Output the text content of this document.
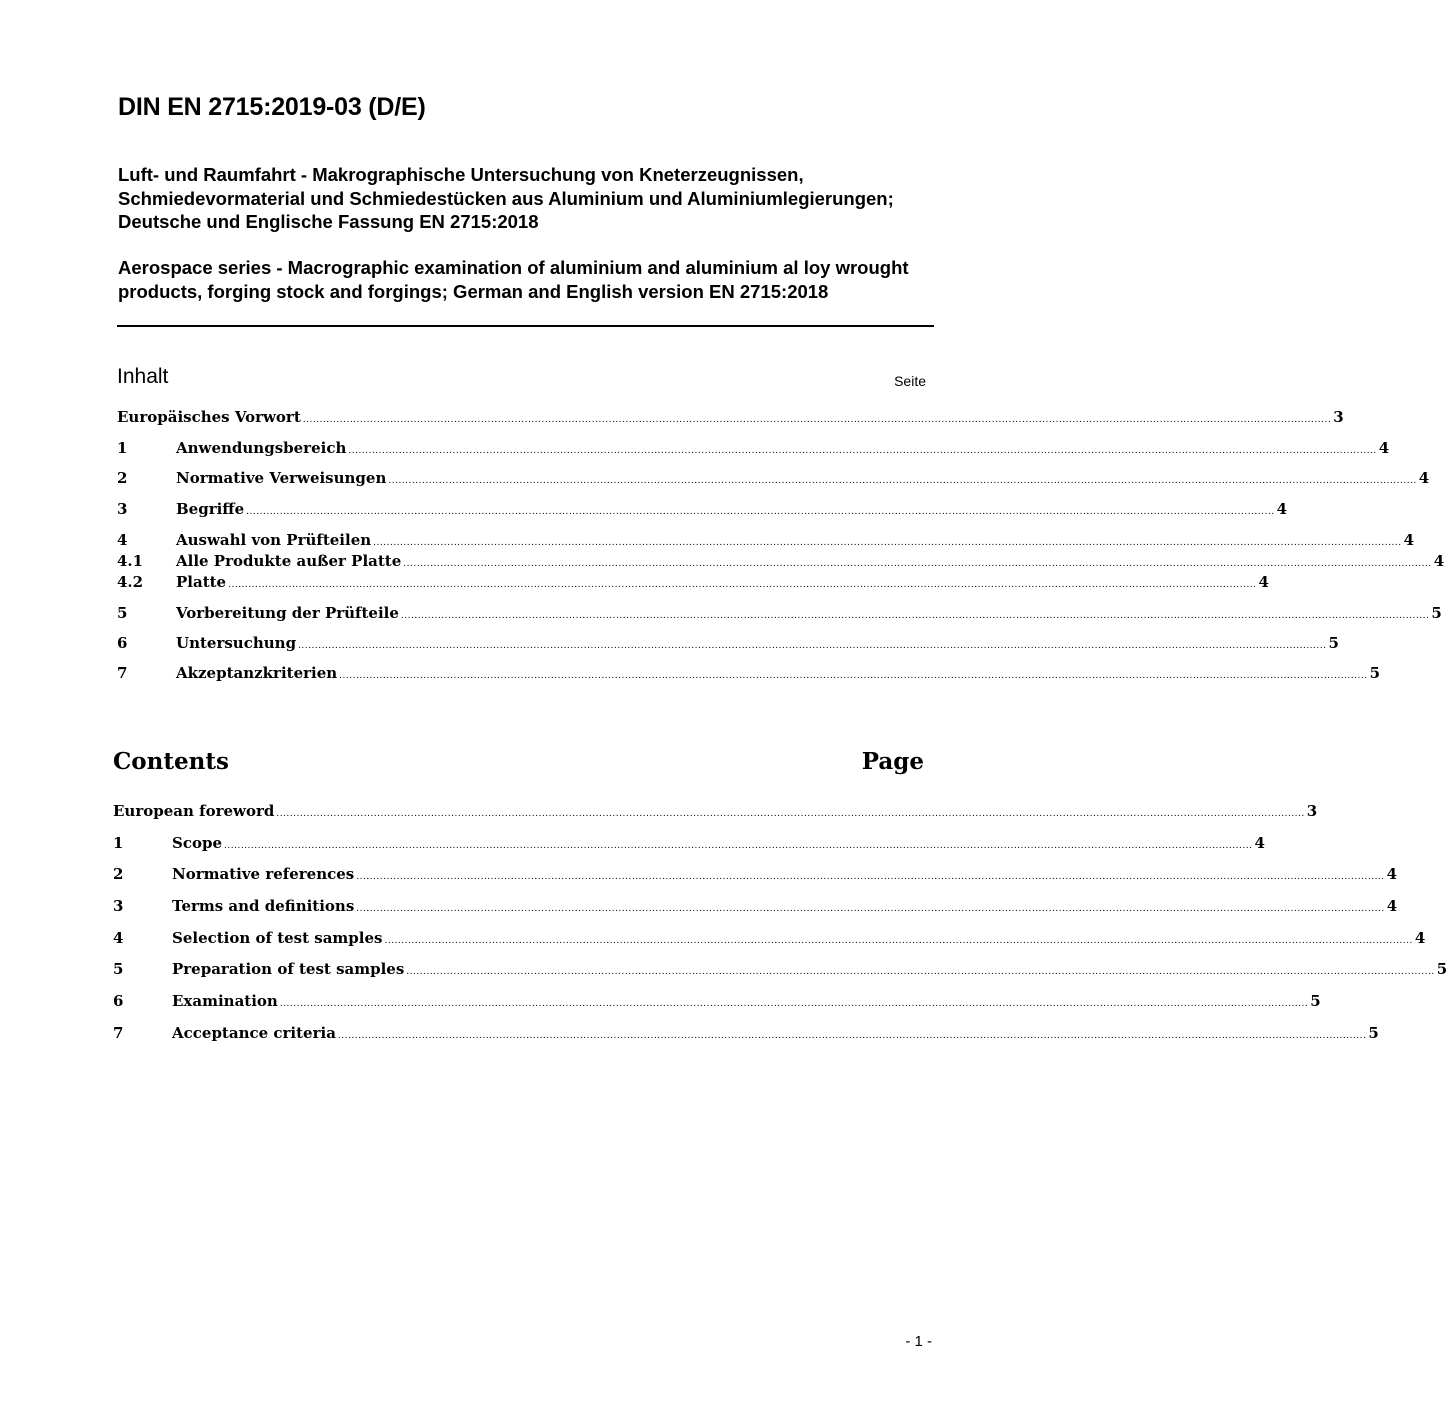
DIN EN 2715:2019-03 (D/E)
Luft- und Raumfahrt - Makrographische Untersuchung von Kneterzeugnissen, Schmiedevormaterial und Schmiedestücken aus Aluminium und Aluminiumlegierungen; Deutsche und Englische Fassung EN 2715:2018
Aerospace series - Macrographic examination of aluminium and aluminium al loy wrought products, forging stock and forgings; German and English version EN 2715:2018
Inhalt	Seite
Europäisches Vorwort .................................................................................................................................................................................................................................................................................................................. 3
1	Anwendungsbereich .................................................................................................................................................................................................................................................................................................................. 4
2	Normative Verweisungen .................................................................................................................................................................................................................................................................................................................. 4
3	Begriffe .................................................................................................................................................................................................................................................................................................................. 4
4	Auswahl von Prüfteilen .................................................................................................................................................................................................................................................................................................................. 4
4.1	Alle Produkte außer Platte .................................................................................................................................................................................................................................................................................................................. 4
4.2	Platte .................................................................................................................................................................................................................................................................................................................. 4
5	Vorbereitung der Prüfteile .................................................................................................................................................................................................................................................................................................................. 5
6	Untersuchung .................................................................................................................................................................................................................................................................................................................. 5
7	Akzeptanzkriterien .................................................................................................................................................................................................................................................................................................................. 5
Contents	Page
European foreword .................................................................................................................................................................................................................................................................................................................. 3
1	Scope .................................................................................................................................................................................................................................................................................................................. 4
2	Normative references .................................................................................................................................................................................................................................................................................................................. 4
3	Terms and definitions .................................................................................................................................................................................................................................................................................................................. 4
4	Selection of test samples .................................................................................................................................................................................................................................................................................................................. 4
5	Preparation of test samples .................................................................................................................................................................................................................................................................................................................. 5
6	Examination .................................................................................................................................................................................................................................................................................................................. 5
7	Acceptance criteria .................................................................................................................................................................................................................................................................................................................. 5
- 1 -
